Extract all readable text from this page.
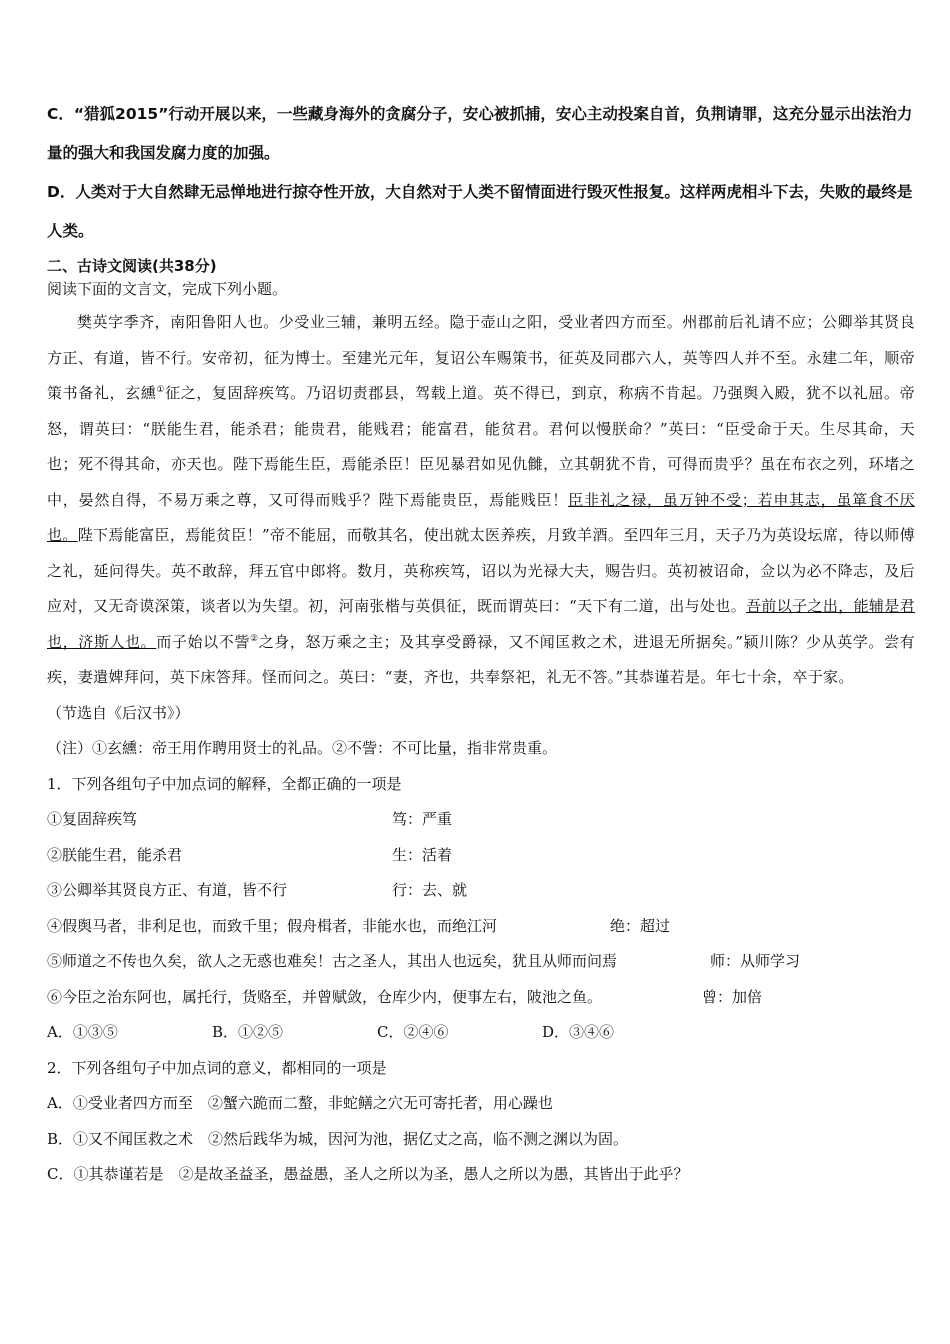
C．“猎狐2015”行动开展以来，一些藏身海外的贪腐分子，安心被抓捕，安心主动投案自首，负荆请罪，这充分显示出法治力量的强大和我国发腐力度的加强。

D．人类对于大自然肆无忌惮地进行掠夺性开放，大自然对于人类不留情面进行毁灭性报复。这样两虎相斗下去，失败的最终是人类。

二、古诗文阅读(共38分)

阅读下面的文言文，完成下列小题。

樊英字季齐，南阳鲁阳人也。少受业三辅，兼明五经。隐于壶山之阳，受业者四方而至。州郡前后礼请不应；公卿举其贤良方正、有道，皆不行。安帝初，征为博士。至建光元年，复诏公车赐策书，征英及同郡六人，英等四人并不至。永建二年，顺帝策书备礼，玄纁①征之，复固辞疾笃。乃诏切责郡县，驾载上道。英不得已，到京，称病不肯起。乃强舆入殿，犹不以礼屈。帝怒，谓英曰：“朕能生君，能杀君；能贵君，能贱君；能富君，能贫君。君何以慢朕命？”英曰：“臣受命于天。生尽其命，天也；死不得其命，亦天也。陛下焉能生臣，焉能杀臣！臣见暴君如见仇雠，立其朝犹不肯，可得而贵乎？虽在布衣之列，环堵之中，晏然自得，不易万乘之尊，又可得而贱乎？陛下焉能贵臣，焉能贱臣！臣非礼之禄，虽万钟不受；若申其志，虽箪食不厌也。陛下焉能富臣，焉能贫臣！”帝不能屈，而敬其名，使出就太医养疾，月致羊酒。至四年三月，天子乃为英设坛席，待以师傅之礼，延问得失。英不敢辞，拜五官中郎将。数月，英称疾笃，诏以为光禄大夫，赐告归。英初被诏命，佥以为必不降志，及后应对，又无奇谟深策，谈者以为失望。初，河南张楷与英俱征，既而谓英曰：“天下有二道，出与处也。吾前以子之出，能辅是君也，济斯人也。而子始以不訾②之身，怒万乘之主；及其享受爵禄，又不闻匡救之术，进退无所据矣。”颍川陈？少从英学。尝有疾，妻遣婢拜问，英下床答拜。怪而问之。英曰：“妻，齐也，共奉祭祀，礼无不答。”其恭谨若是。年七十余，卒于家。

（节选自《后汉书》）

（注）①玄纁：帝王用作聘用贤士的礼品。②不訾：不可比量，指非常贵重。

1．下列各组句子中加点词的解释，全都正确的一项是

①复固辞疾笃	笃：严重
②朕能生君，能杀君	生：活着
③公卿举其贤良方正、有道，皆不行	行：去、就
④假舆马者，非利足也，而致千里；假舟楫者，非能水也，而绝江河	绝：超过
⑤师道之不传也久矣，欲人之无惑也难矣！古之圣人，其出人也远矣，犹且从师而问焉	师：从师学习
⑥今臣之治东阿也，属托行，货赂至，并曾赋敛，仓库少内，便事左右，陂池之鱼。	曾：加倍
A．①③⑤	B．①②⑤	C．②④⑥	D．③④⑥

2．下列各组句子中加点词的意义，都相同的一项是

A．①受业者四方而至　②蟹六跪而二螯，非蛇鳝之穴无可寄托者，用心躁也

B．①又不闻匡救之术　②然后践华为城，因河为池，据亿丈之高，临不测之渊以为固。

C．①其恭谨若是　②是故圣益圣，愚益愚，圣人之所以为圣，愚人之所以为愚，其皆出于此乎？
